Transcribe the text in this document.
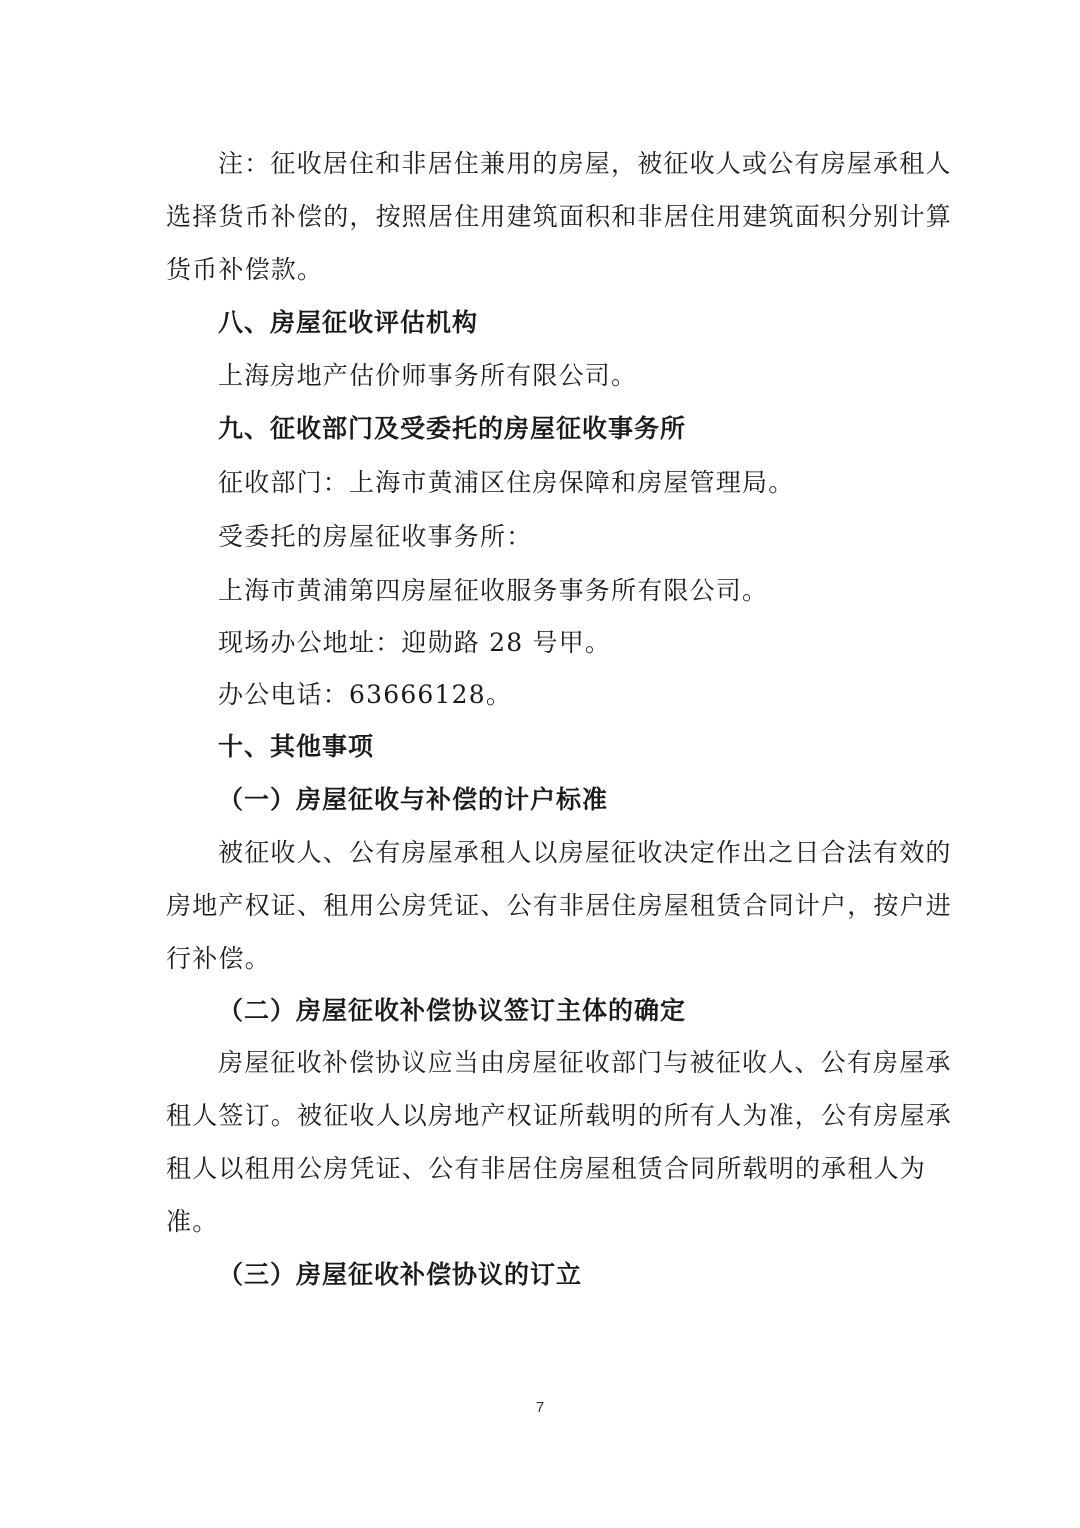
注：征收居住和非居住兼用的房屋，被征收人或公有房屋承租人
选择货币补偿的，按照居住用建筑面积和非居住用建筑面积分别计算
货币补偿款。
八、房屋征收评估机构
上海房地产估价师事务所有限公司。
九、征收部门及受委托的房屋征收事务所
征收部门：上海市黄浦区住房保障和房屋管理局。
受委托的房屋征收事务所：
上海市黄浦第四房屋征收服务事务所有限公司。
现场办公地址：迎勋路 28 号甲。
办公电话：63666128。
十、其他事项
（一）房屋征收与补偿的计户标准
被征收人、公有房屋承租人以房屋征收决定作出之日合法有效的
房地产权证、租用公房凭证、公有非居住房屋租赁合同计户，按户进
行补偿。
（二）房屋征收补偿协议签订主体的确定
房屋征收补偿协议应当由房屋征收部门与被征收人、公有房屋承
租人签订。被征收人以房地产权证所载明的所有人为准，公有房屋承
租人以租用公房凭证、公有非居住房屋租赁合同所载明的承租人为
准。
（三）房屋征收补偿协议的订立
7
